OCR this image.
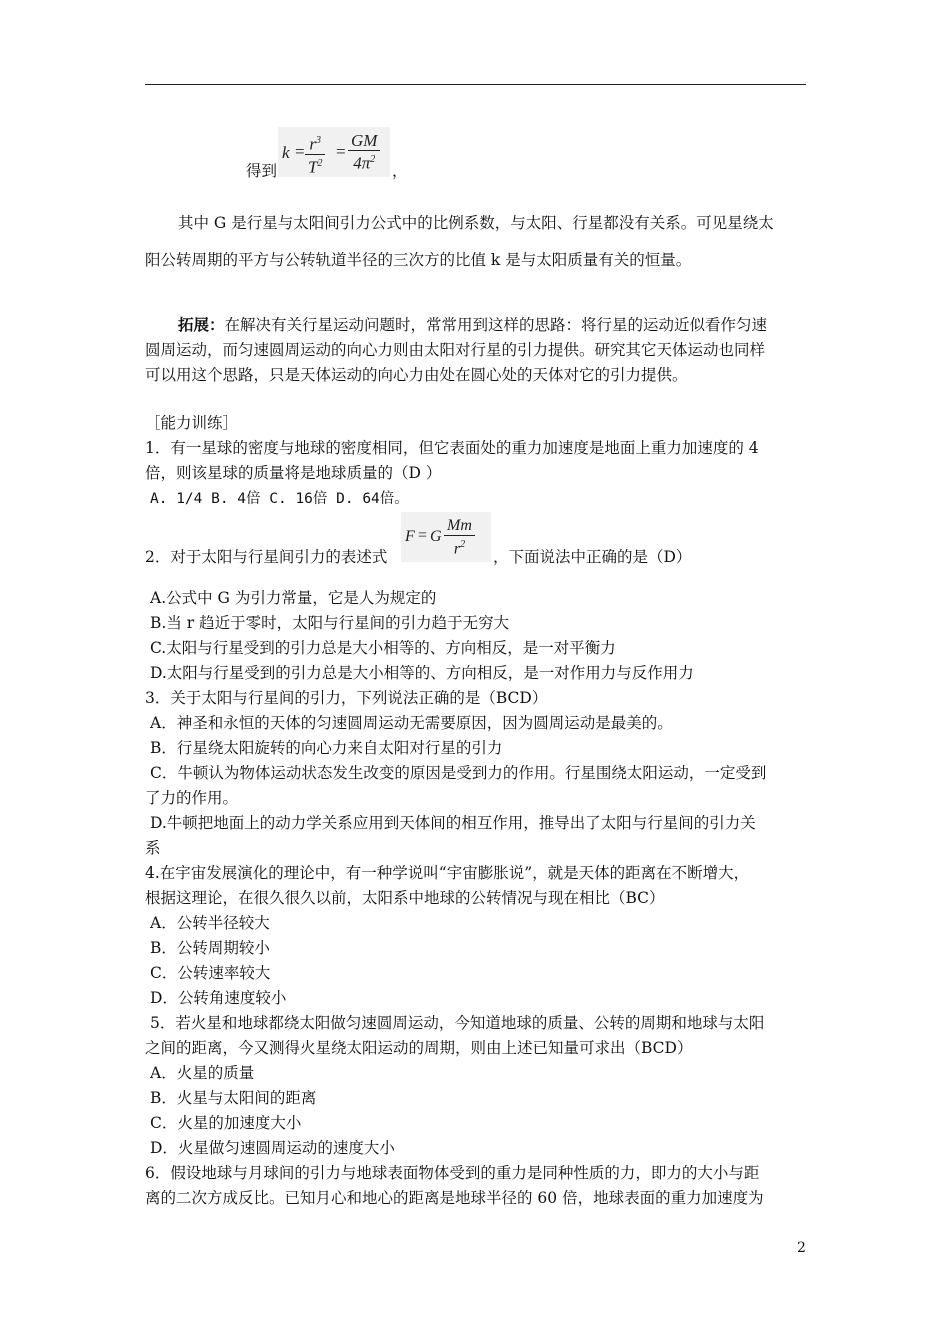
得到
$k = \frac{r^3}{T^2} = \frac{GM}{4\pi^2}$ ，
其中 G 是行星与太阳间引力公式中的比例系数，与太阳、行星都没有关系。可见星绕太
阳公转周期的平方与公转轨道半径的三次方的比值 k 是与太阳质量有关的恒量。
拓展：在解决有关行星运动问题时，常常用到这样的思路：将行星的运动近似看作匀速
圆周运动，而匀速圆周运动的向心力则由太阳对行星的引力提供。研究其它天体运动也同样
可以用这个思路，只是天体运动的向心力由处在圆心处的天体对它的引力提供。
［能力训练］
1．有一星球的密度与地球的密度相同，但它表面处的重力加速度是地面上重力加速度的 4
倍，则该星球的质量将是地球质量的（D ）
A. 1/4 B. 4倍 C. 16倍 D. 64倍。
2．对于太阳与行星间引力的表述式
F = G $\frac{Mm}{r^2}$ ，下面说法中正确的是（D）
A.公式中 G 为引力常量，它是人为规定的
B.当 r 趋近于零时，太阳与行星间的引力趋于无穷大
C.太阳与行星受到的引力总是大小相等的、方向相反，是一对平衡力
D.太阳与行星受到的引力总是大小相等的、方向相反，是一对作用力与反作用力
3．关于太阳与行星间的引力，下列说法正确的是（BCD）
A．神圣和永恒的天体的匀速圆周运动无需要原因，因为圆周运动是最美的。
B．行星绕太阳旋转的向心力来自太阳对行星的引力
C．牛顿认为物体运动状态发生改变的原因是受到力的作用。行星围绕太阳运动，一定受到
了力的作用。
D.牛顿把地面上的动力学关系应用到天体间的相互作用，推导出了太阳与行星间的引力关
系
4.在宇宙发展演化的理论中，有一种学说叫“宇宙膨胀说”，就是天体的距离在不断增大，
根据这理论，在很久很久以前，太阳系中地球的公转情况与现在相比（BC）
A．公转半径较大
B．公转周期较小
C．公转速率较大
D．公转角速度较小
5．若火星和地球都绕太阳做匀速圆周运动，今知道地球的质量、公转的周期和地球与太阳
之间的距离，今又测得火星绕太阳运动的周期，则由上述已知量可求出（BCD）
A．火星的质量
B．火星与太阳间的距离
C．火星的加速度大小
D．火星做匀速圆周运动的速度大小
6．假设地球与月球间的引力与地球表面物体受到的重力是同种性质的力，即力的大小与距
离的二次方成反比。已知月心和地心的距离是地球半径的 60 倍，地球表面的重力加速度为
2
